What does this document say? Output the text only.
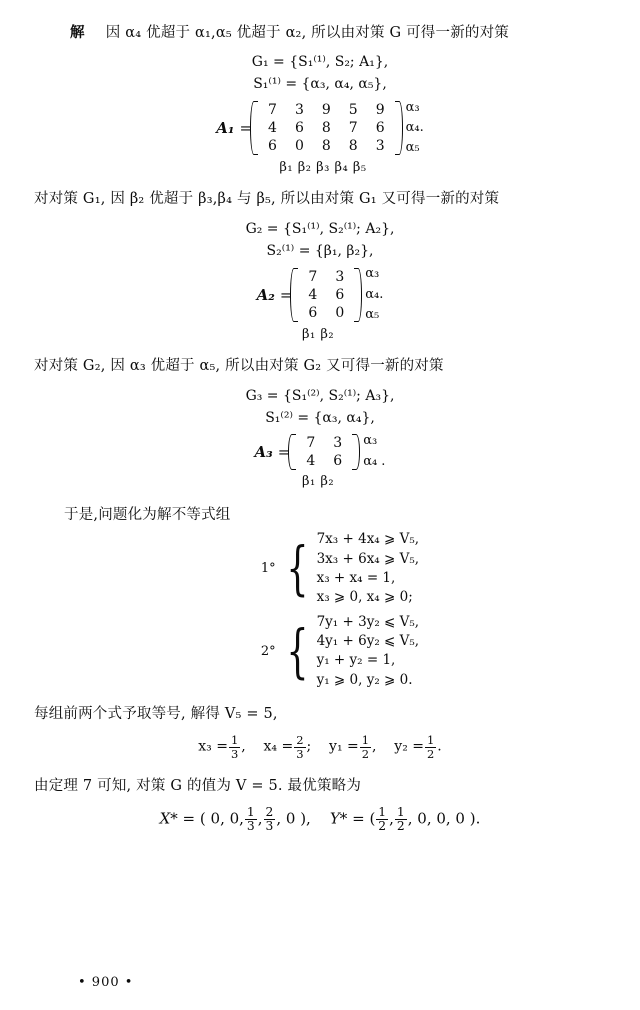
解 因 α₄ 优超于 α₁,α₅ 优超于 α₂, 所以由对策 G 可得一新的对策
G₁ = {S₁⁽¹⁾, S₂; A₁},
S₁⁽¹⁾ = {α₃, α₄, α₅},
A₁ =
7	3	9	5	9
4	6	8	7	6
6	0	8	8	3
α₃
α₄.
α₅
β₁ β₂ β₃ β₄ β₅
对对策 G₁, 因 β₂ 优超于 β₃,β₄ 与 β₅, 所以由对策 G₁ 又可得一新的对策
G₂ = {S₁⁽¹⁾, S₂⁽¹⁾; A₂},
S₂⁽¹⁾ = {β₁, β₂},
A₂ =
7	3
4	6
6	0
α₃
α₄.
α₅
β₁ β₂
对对策 G₂, 因 α₃ 优超于 α₅, 所以由对策 G₂ 又可得一新的对策
G₃ = {S₁⁽²⁾, S₂⁽¹⁾; A₃},
S₁⁽²⁾ = {α₃, α₄},
A₃ = 7	3
4	6
α₃
α₄ .
β₁ β₂
于是,问题化为解不等式组
1° { 7x₃ + 4x₄ ⩾ V₅,
3x₃ + 6x₄ ⩾ V₅,
x₃ + x₄ = 1,
x₃ ⩾ 0, x₄ ⩾ 0;
2° { 7y₁ + 3y₂ ⩽ V₅,
4y₁ + 6y₂ ⩽ V₅,
y₁ + y₂ = 1,
y₁ ⩾ 0, y₂ ⩾ 0.
每组前两个式予取等号, 解得 V₅ = 5,
$x_3 = \frac{1}{3}$ ,    $x_4 = \frac{2}{3}$ ;    $y_1 = \frac{1}{2}$ ,    $y_2 = \frac{1}{2}$ .
由定理 7 可知, 对策 G 的值为 V = 5. 最优策略为
X* = ( 0, 0, $\frac{1}{3}$ , $\frac{2}{3}$ , 0 ), Y* = ( $\frac{1}{2}$ , $\frac{1}{2}$ , 0, 0, 0 ).
• 900 •
